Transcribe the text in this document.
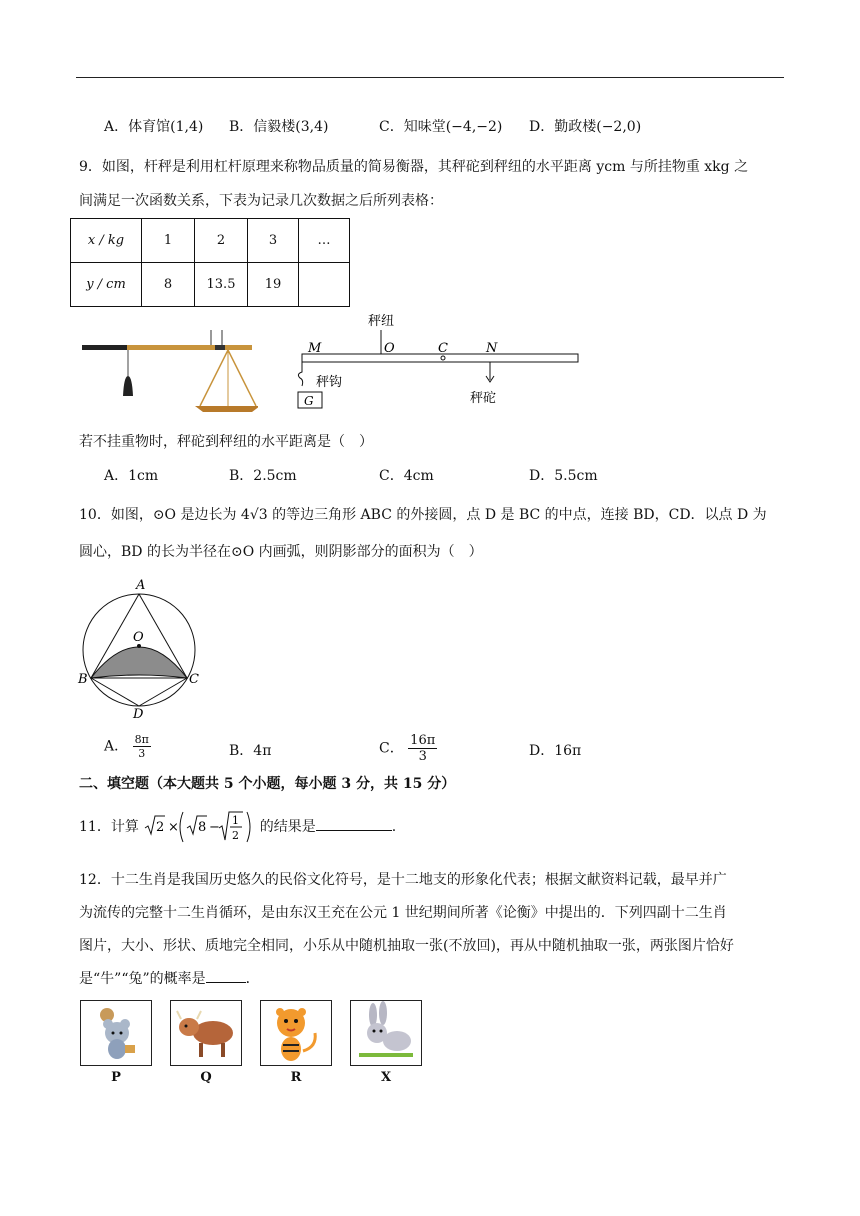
A．体育馆(1,4) B．信毅楼(3,4)	C．知味堂(−4,−2) D．勤政楼(−2,0)
9．如图，杆秤是利用杠杆原理来称物品质量的简易衡器，其秤砣到秤纽的水平距离 ycm 与所挂物重 xkg 之
间满足一次函数关系，下表为记录几次数据之后所列表格：
x / kg	1	2	3	…
y / cm	8	13.5	19	
秤纽
M	O	C	N
秤钩
G	秤砣
若不挂重物时，秤砣到秤纽的水平距离是（　）
A．1cm	B．2.5cm	C．4cm	D．5.5cm
10．如图，⊙O 是边长为 4√3 的等边三角形 ABC 的外接圆，点 D 是 BC 的中点，连接 BD，CD．以点 D 为
圆心，BD 的长为半径在⊙O 内画弧，则阴影部分的面积为（　）
A
O
B	C
D
A． $\frac{8\pi}{3}$	B．4π	C． $\frac{16\pi}{3}$	D．16π
二、填空题（本大题共 5 个小题，每小题 3 分，共 15 分）
11．计算 2 × 8 − 1
2
的结果是	.
12．十二生肖是我国历史悠久的民俗文化符号，是十二地支的形象化代表；根据文献资料记载，最早并广
为流传的完整十二生肖循环，是由东汉王充在公元 1 世纪期间所著《论衡》中提出的．下列四副十二生肖
图片，大小、形状、质地完全相同，小乐从中随机抽取一张(不放回)，再从中随机抽取一张，两张图片恰好
是“牛”“兔”的概率是	．
P	Q	R	X
